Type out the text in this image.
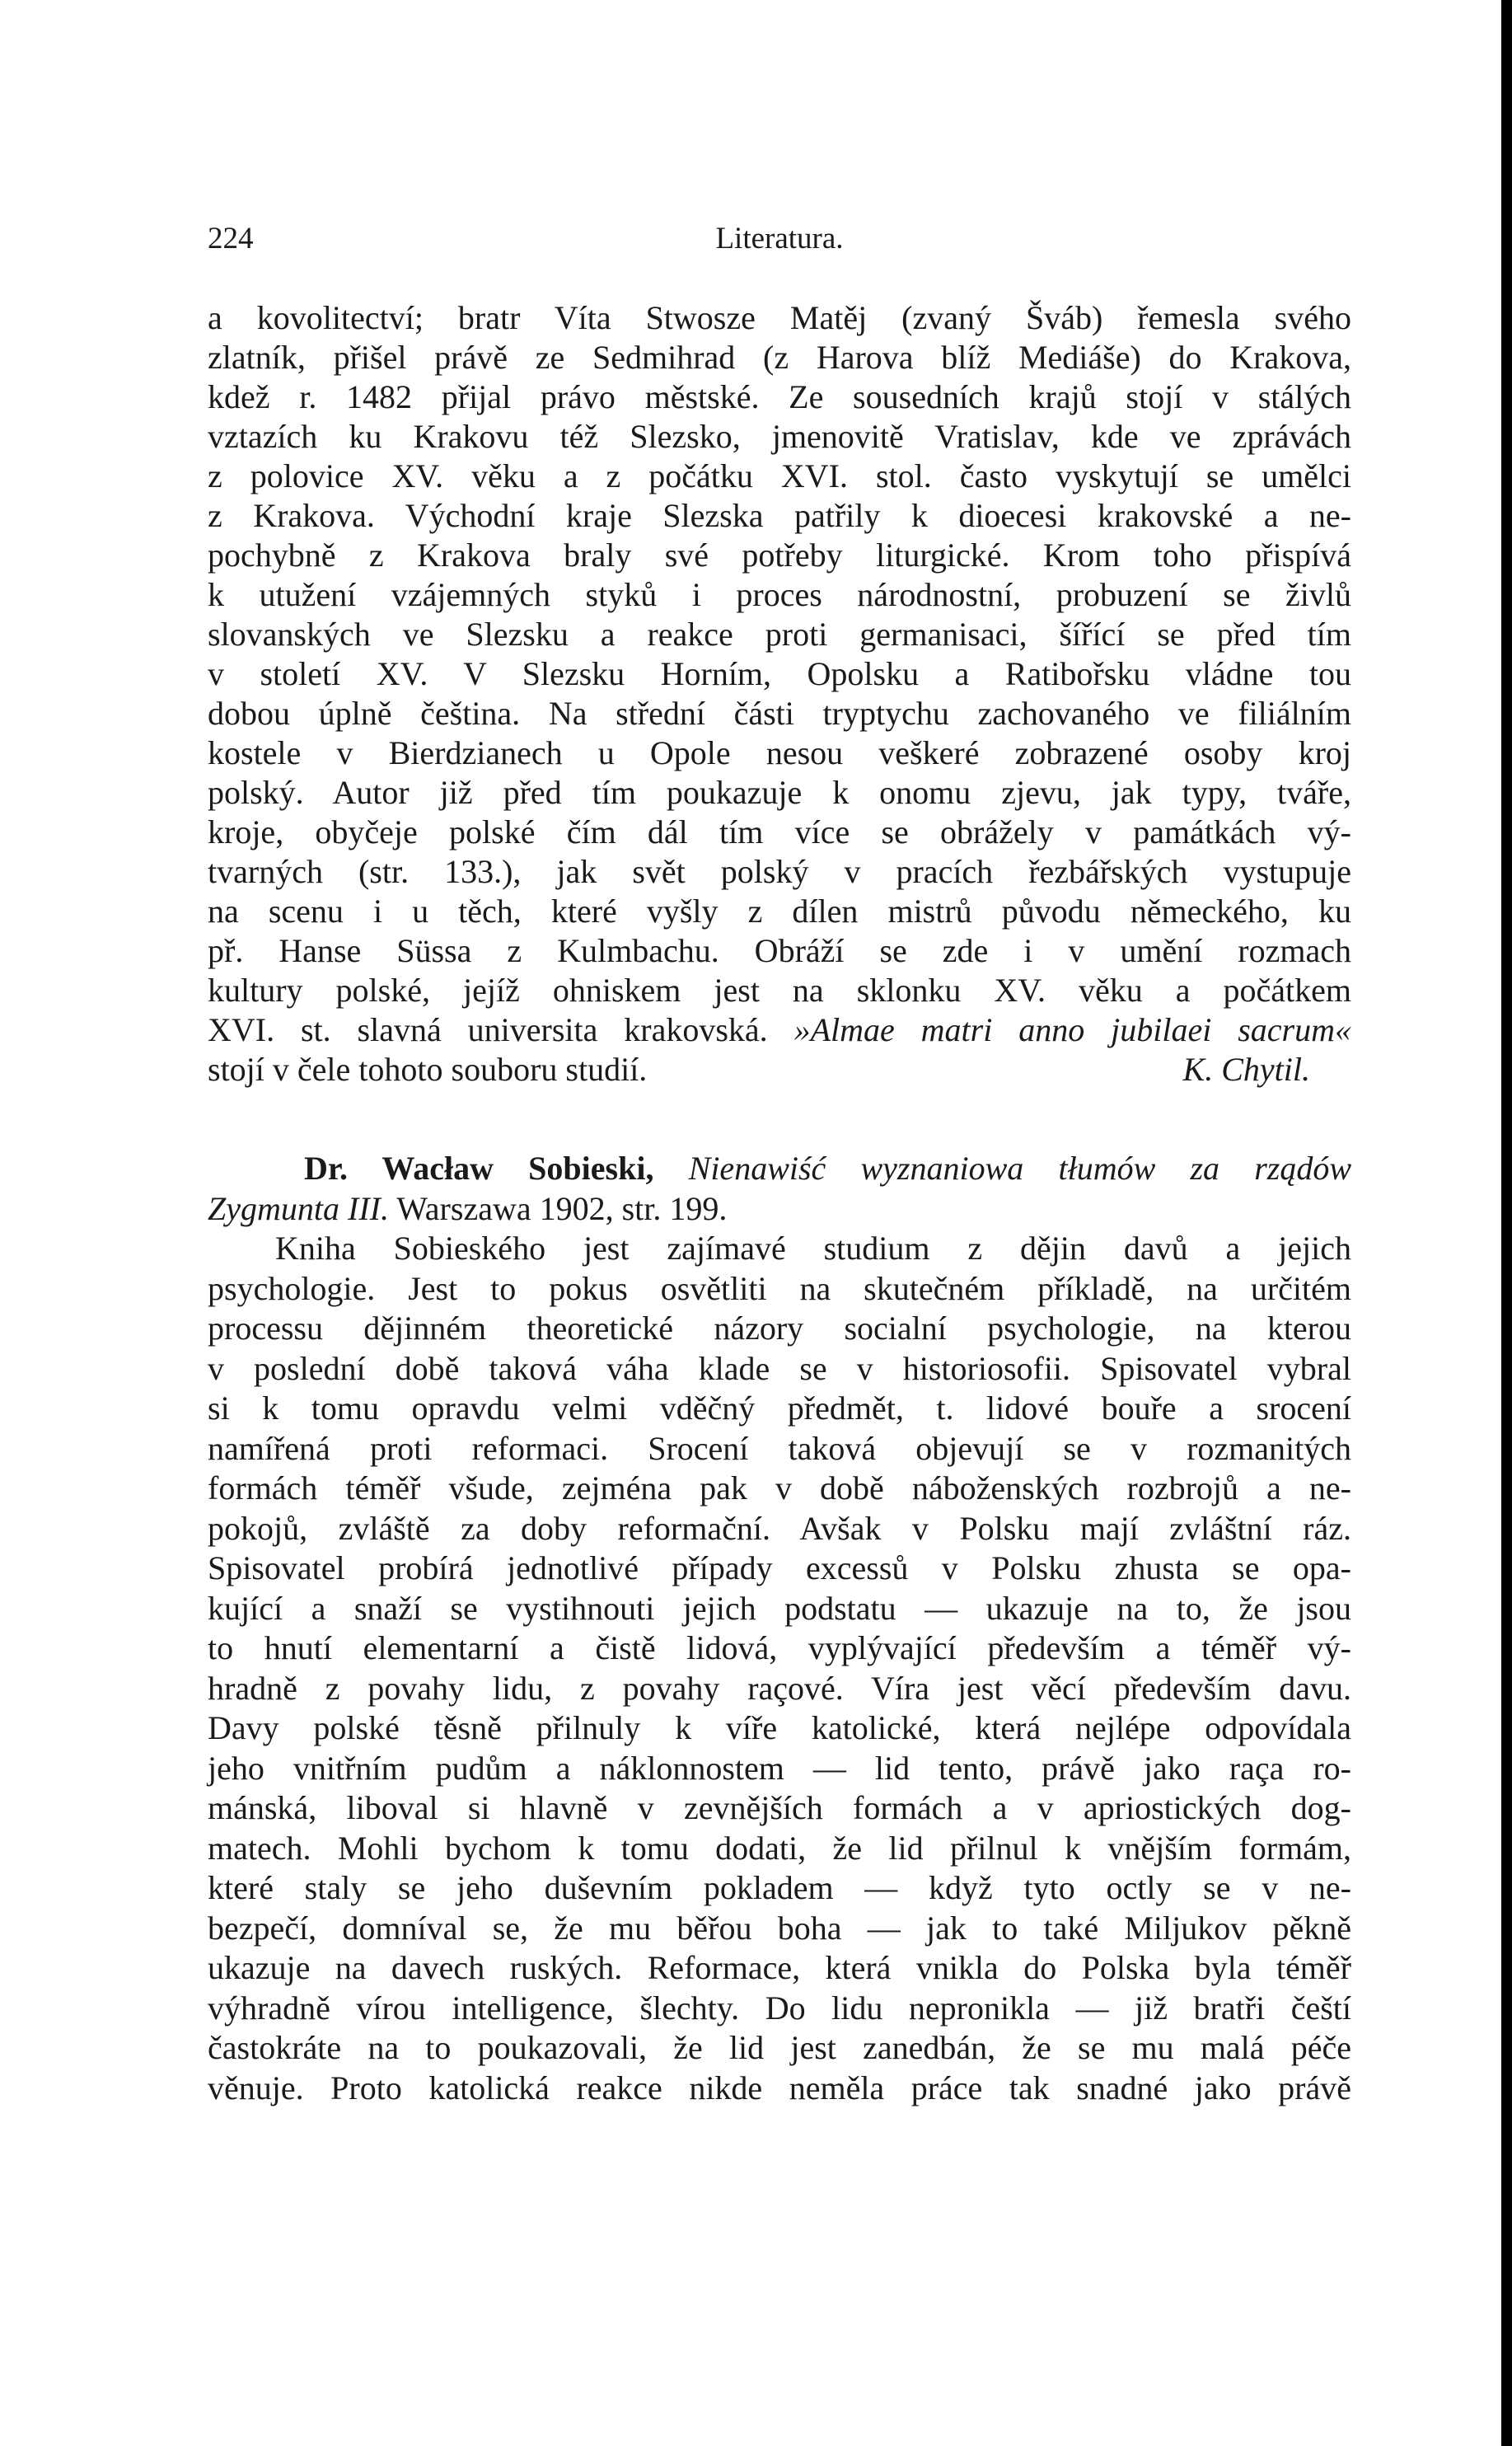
224	Literatura.
a kovolitectví; bratr Víta Stwosze Matěj (zvaný Šváb) řemesla svého
zlatník, přišel právě ze Sedmihrad (z Harova blíž Mediáše) do Krakova,
kdež r. 1482 přijal právo městské. Ze sousedních krajů stojí v stálých
vztazích ku Krakovu též Slezsko, jmenovitě Vratislav, kde ve zprávách
z polovice XV. věku a z počátku XVI. stol. často vyskytují se umělci
z Krakova. Východní kraje Slezska patřily k dioecesi krakovské a ne-
pochybně z Krakova braly své potřeby liturgické. Krom toho přispívá
k utužení vzájemných styků i proces národnostní, probuzení se živlů
slovanských ve Slezsku a reakce proti germanisaci, šířící se před tím
v století XV. V Slezsku Horním, Opolsku a Ratibořsku vládne tou
dobou úplně čeština. Na střední části tryptychu zachovaného ve filiálním
kostele v Bierdzianech u Opole nesou veškeré zobrazené osoby kroj
polský. Autor již před tím poukazuje k onomu zjevu, jak typy, tváře,
kroje, obyčeje polské čím dál tím více se obrážely v památkách vý-
tvarných (str. 133.), jak svět polský v pracích řezbářských vystupuje
na scenu i u těch, které vyšly z dílen mistrů původu německého, ku
př. Hanse Süssa z Kulmbachu. Obráží se zde i v umění rozmach
kultury polské, jejíž ohniskem jest na sklonku XV. věku a počátkem
XVI. st. slavná universita krakovská. »Almae matri anno jubilaei sacrum«
stojí v čele tohoto souboru studií.	K. Chytil.
Dr. Wacław Sobieski, Nienawiść wyznaniowa tłumów za rządów
Zygmunta III. Warszawa 1902, str. 199.
Kniha Sobieského jest zajímavé studium z dějin davů a jejich
psychologie. Jest to pokus osvětliti na skutečném příkladě, na určitém
processu dějinném theoretické názory socialní psychologie, na kterou
v poslední době taková váha klade se v historiosofii. Spisovatel vybral
si k tomu opravdu velmi vděčný předmět, t. lidové bouře a srocení
namířená proti reformaci. Srocení taková objevují se v rozmanitých
formách téměř všude, zejména pak v době náboženských rozbrojů a ne-
pokojů, zvláště za doby reformační. Avšak v Polsku mají zvláštní ráz.
Spisovatel probírá jednotlivé případy excessů v Polsku zhusta se opa-
kující a snaží se vystihnouti jejich podstatu — ukazuje na to, že jsou
to hnutí elementarní a čistě lidová, vyplývající především a téměř vý-
hradně z povahy lidu, z povahy raçové. Víra jest věcí především davu.
Davy polské těsně přilnuly k víře katolické, která nejlépe odpovídala
jeho vnitřním pudům a náklonnostem — lid tento, právě jako raça ro-
mánská, liboval si hlavně v zevnějších formách a v apriostických dog-
matech. Mohli bychom k tomu dodati, že lid přilnul k vnějším formám,
které staly se jeho duševním pokladem — když tyto octly se v ne-
bezpečí, domníval se, že mu běřou boha — jak to také Miljukov pěkně
ukazuje na davech ruských. Reformace, která vnikla do Polska byla téměř
výhradně vírou intelligence, šlechty. Do lidu nepronikla — již bratři čeští
častokráte na to poukazovali, že lid jest zanedbán, že se mu malá péče
věnuje. Proto katolická reakce nikde neměla práce tak snadné jako právě
